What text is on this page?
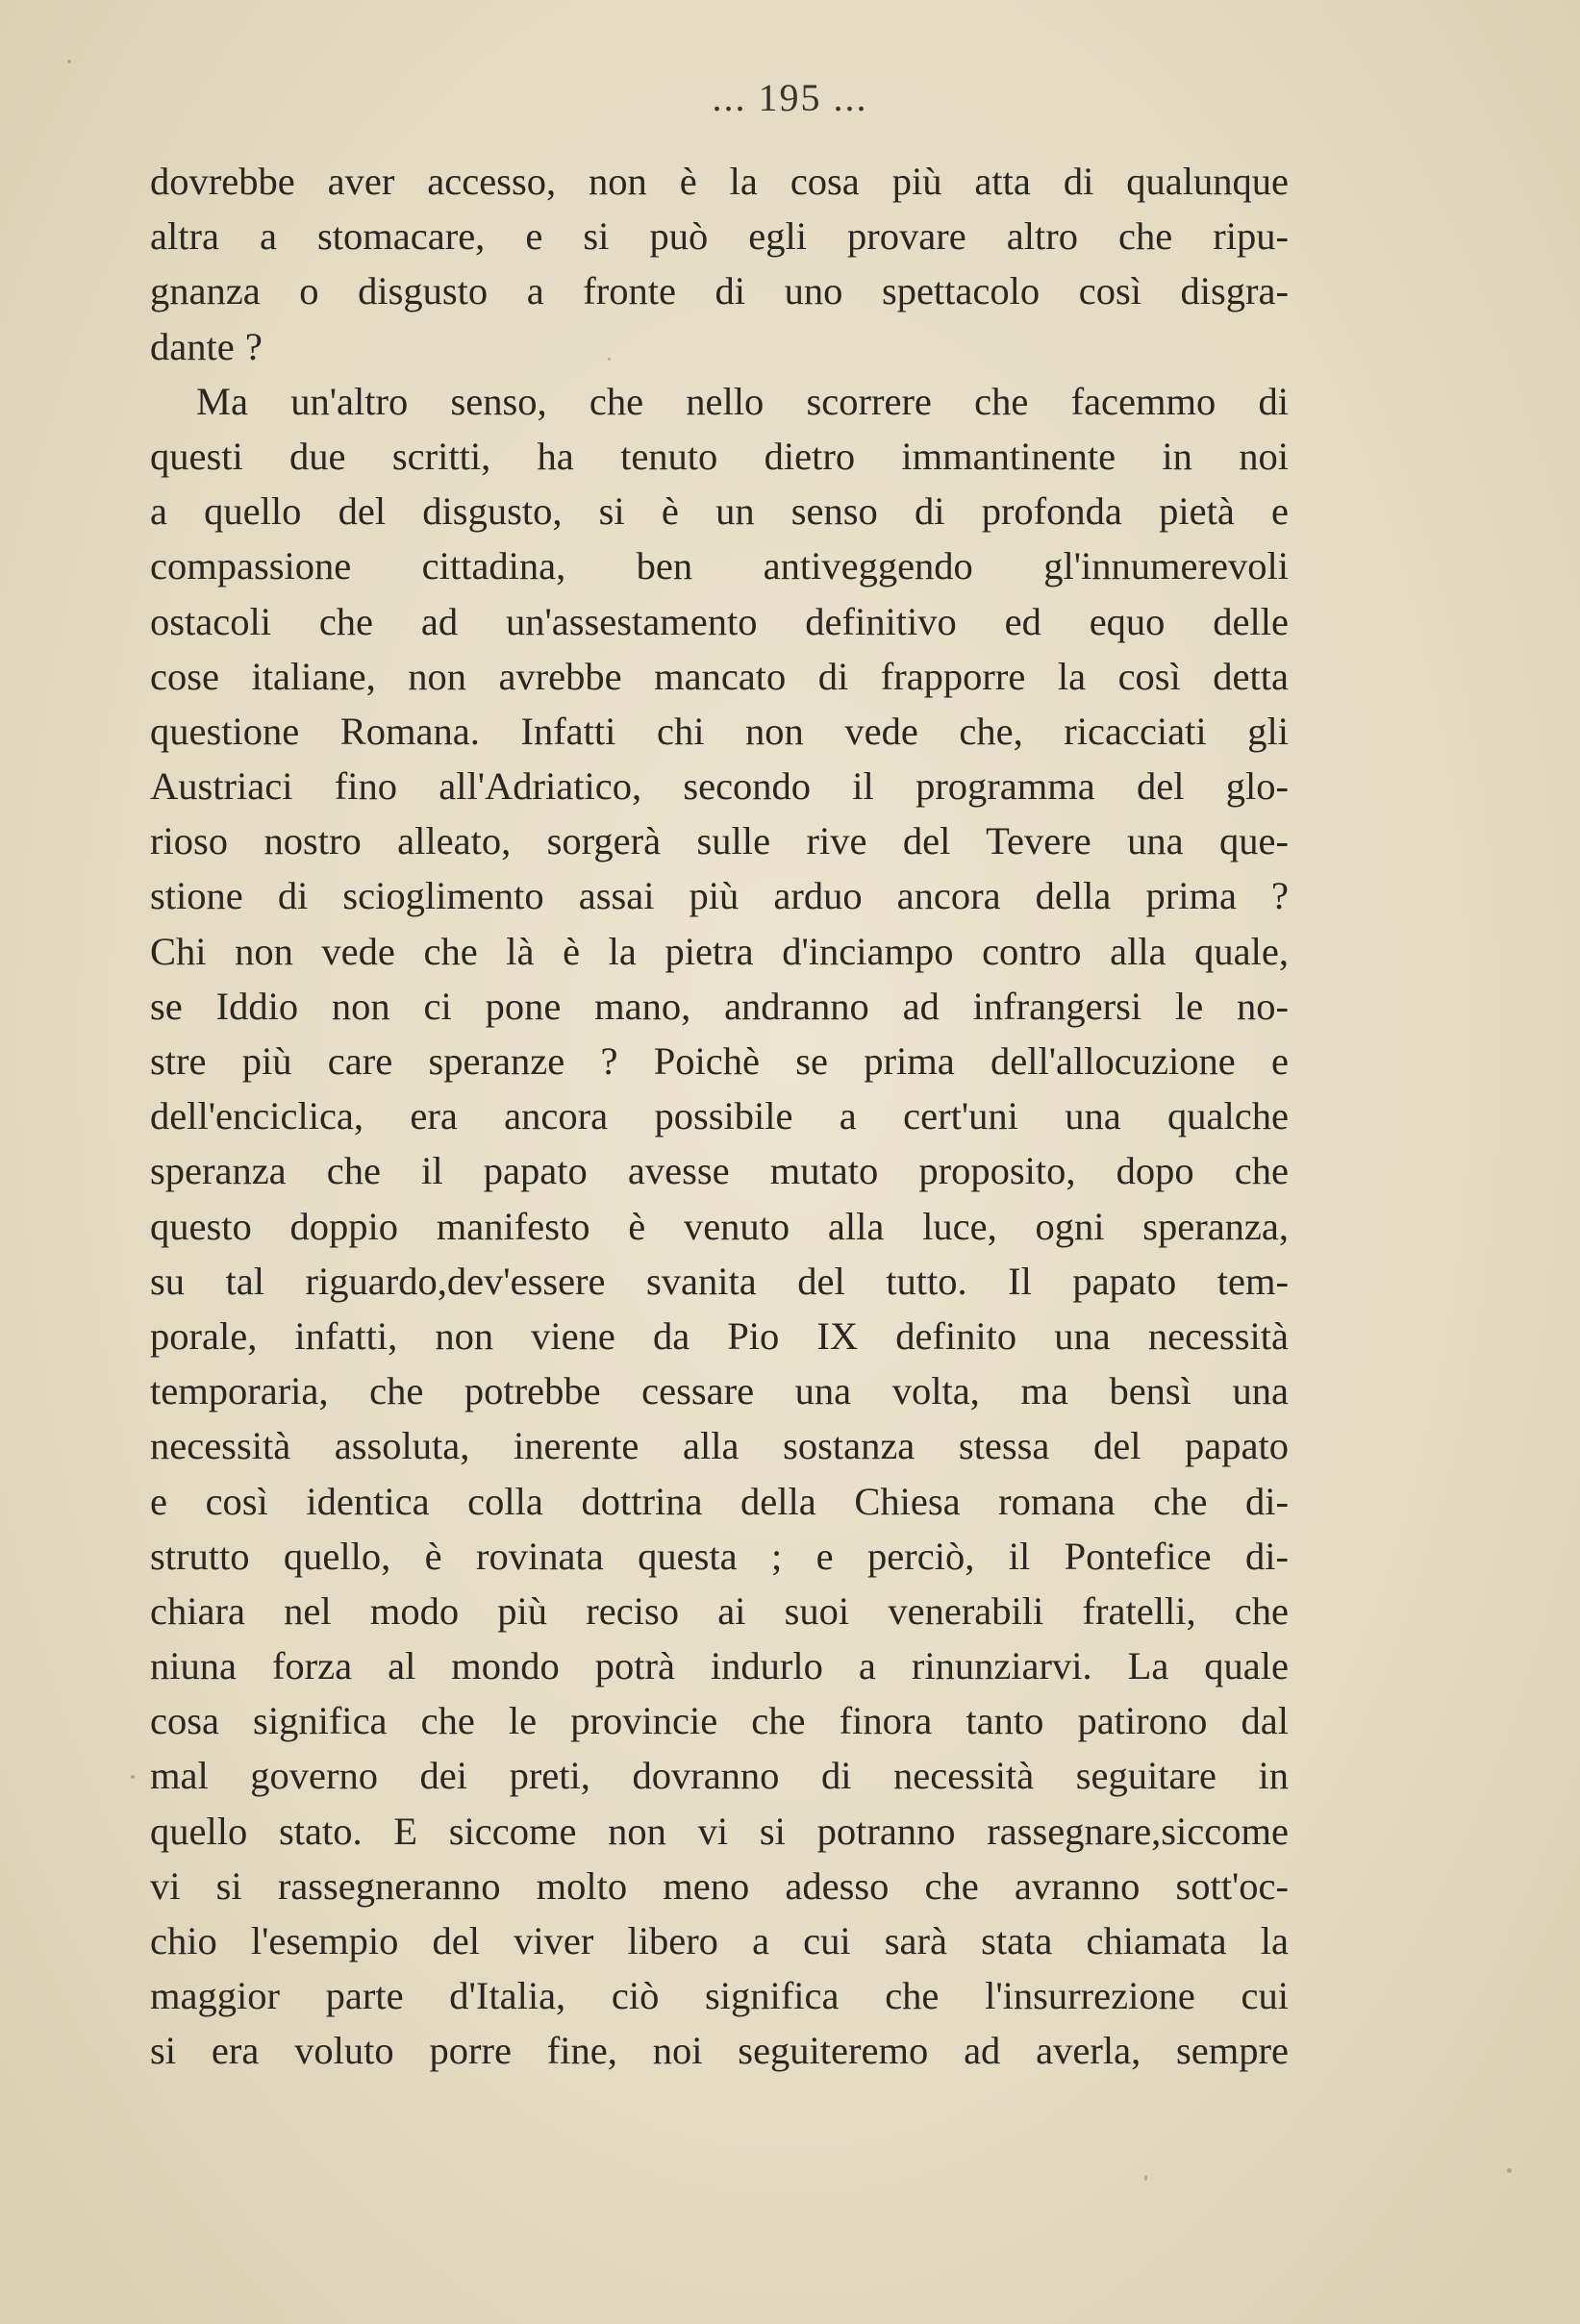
... 195 ...
dovrebbe aver accesso, non è la cosa più atta di qualunque
altra a stomacare, e si può egli provare altro che ripu-
gnanza o disgusto a fronte di uno spettacolo così disgra-
dante ?
Ma un'altro senso, che nello scorrere che facemmo di
questi due scritti, ha tenuto dietro immantinente in noi
a quello del disgusto, si è un senso di profonda pietà e
compassione cittadina, ben antiveggendo gl'innumerevoli
ostacoli che ad un'assestamento definitivo ed equo delle
cose italiane, non avrebbe mancato di frapporre la così detta
questione Romana. Infatti chi non vede che, ricacciati gli
Austriaci fino all'Adriatico, secondo il programma del glo-
rioso nostro alleato, sorgerà sulle rive del Tevere una que-
stione di scioglimento assai più arduo ancora della prima ?
Chi non vede che là è la pietra d'inciampo contro alla quale,
se Iddio non ci pone mano, andranno ad infrangersi le no-
stre più care speranze ? Poichè se prima dell'allocuzione e
dell'enciclica, era ancora possibile a cert'uni una qualche
speranza che il papato avesse mutato proposito, dopo che
questo doppio manifesto è venuto alla luce, ogni speranza,
su tal riguardo,dev'essere svanita del tutto. Il papato tem-
porale, infatti, non viene da Pio IX definito una necessità
temporaria, che potrebbe cessare una volta, ma bensì una
necessità assoluta, inerente alla sostanza stessa del papato
e così identica colla dottrina della Chiesa romana che di-
strutto quello, è rovinata questa ; e perciò, il Pontefice di-
chiara nel modo più reciso ai suoi venerabili fratelli, che
niuna forza al mondo potrà indurlo a rinunziarvi. La quale
cosa significa che le provincie che finora tanto patirono dal
mal governo dei preti, dovranno di necessità seguitare in
quello stato. E siccome non vi si potranno rassegnare,siccome
vi si rassegneranno molto meno adesso che avranno sott'oc-
chio l'esempio del viver libero a cui sarà stata chiamata la
maggior parte d'Italia, ciò significa che l'insurrezione cui
si era voluto porre fine, noi seguiteremo ad averla, sempre
